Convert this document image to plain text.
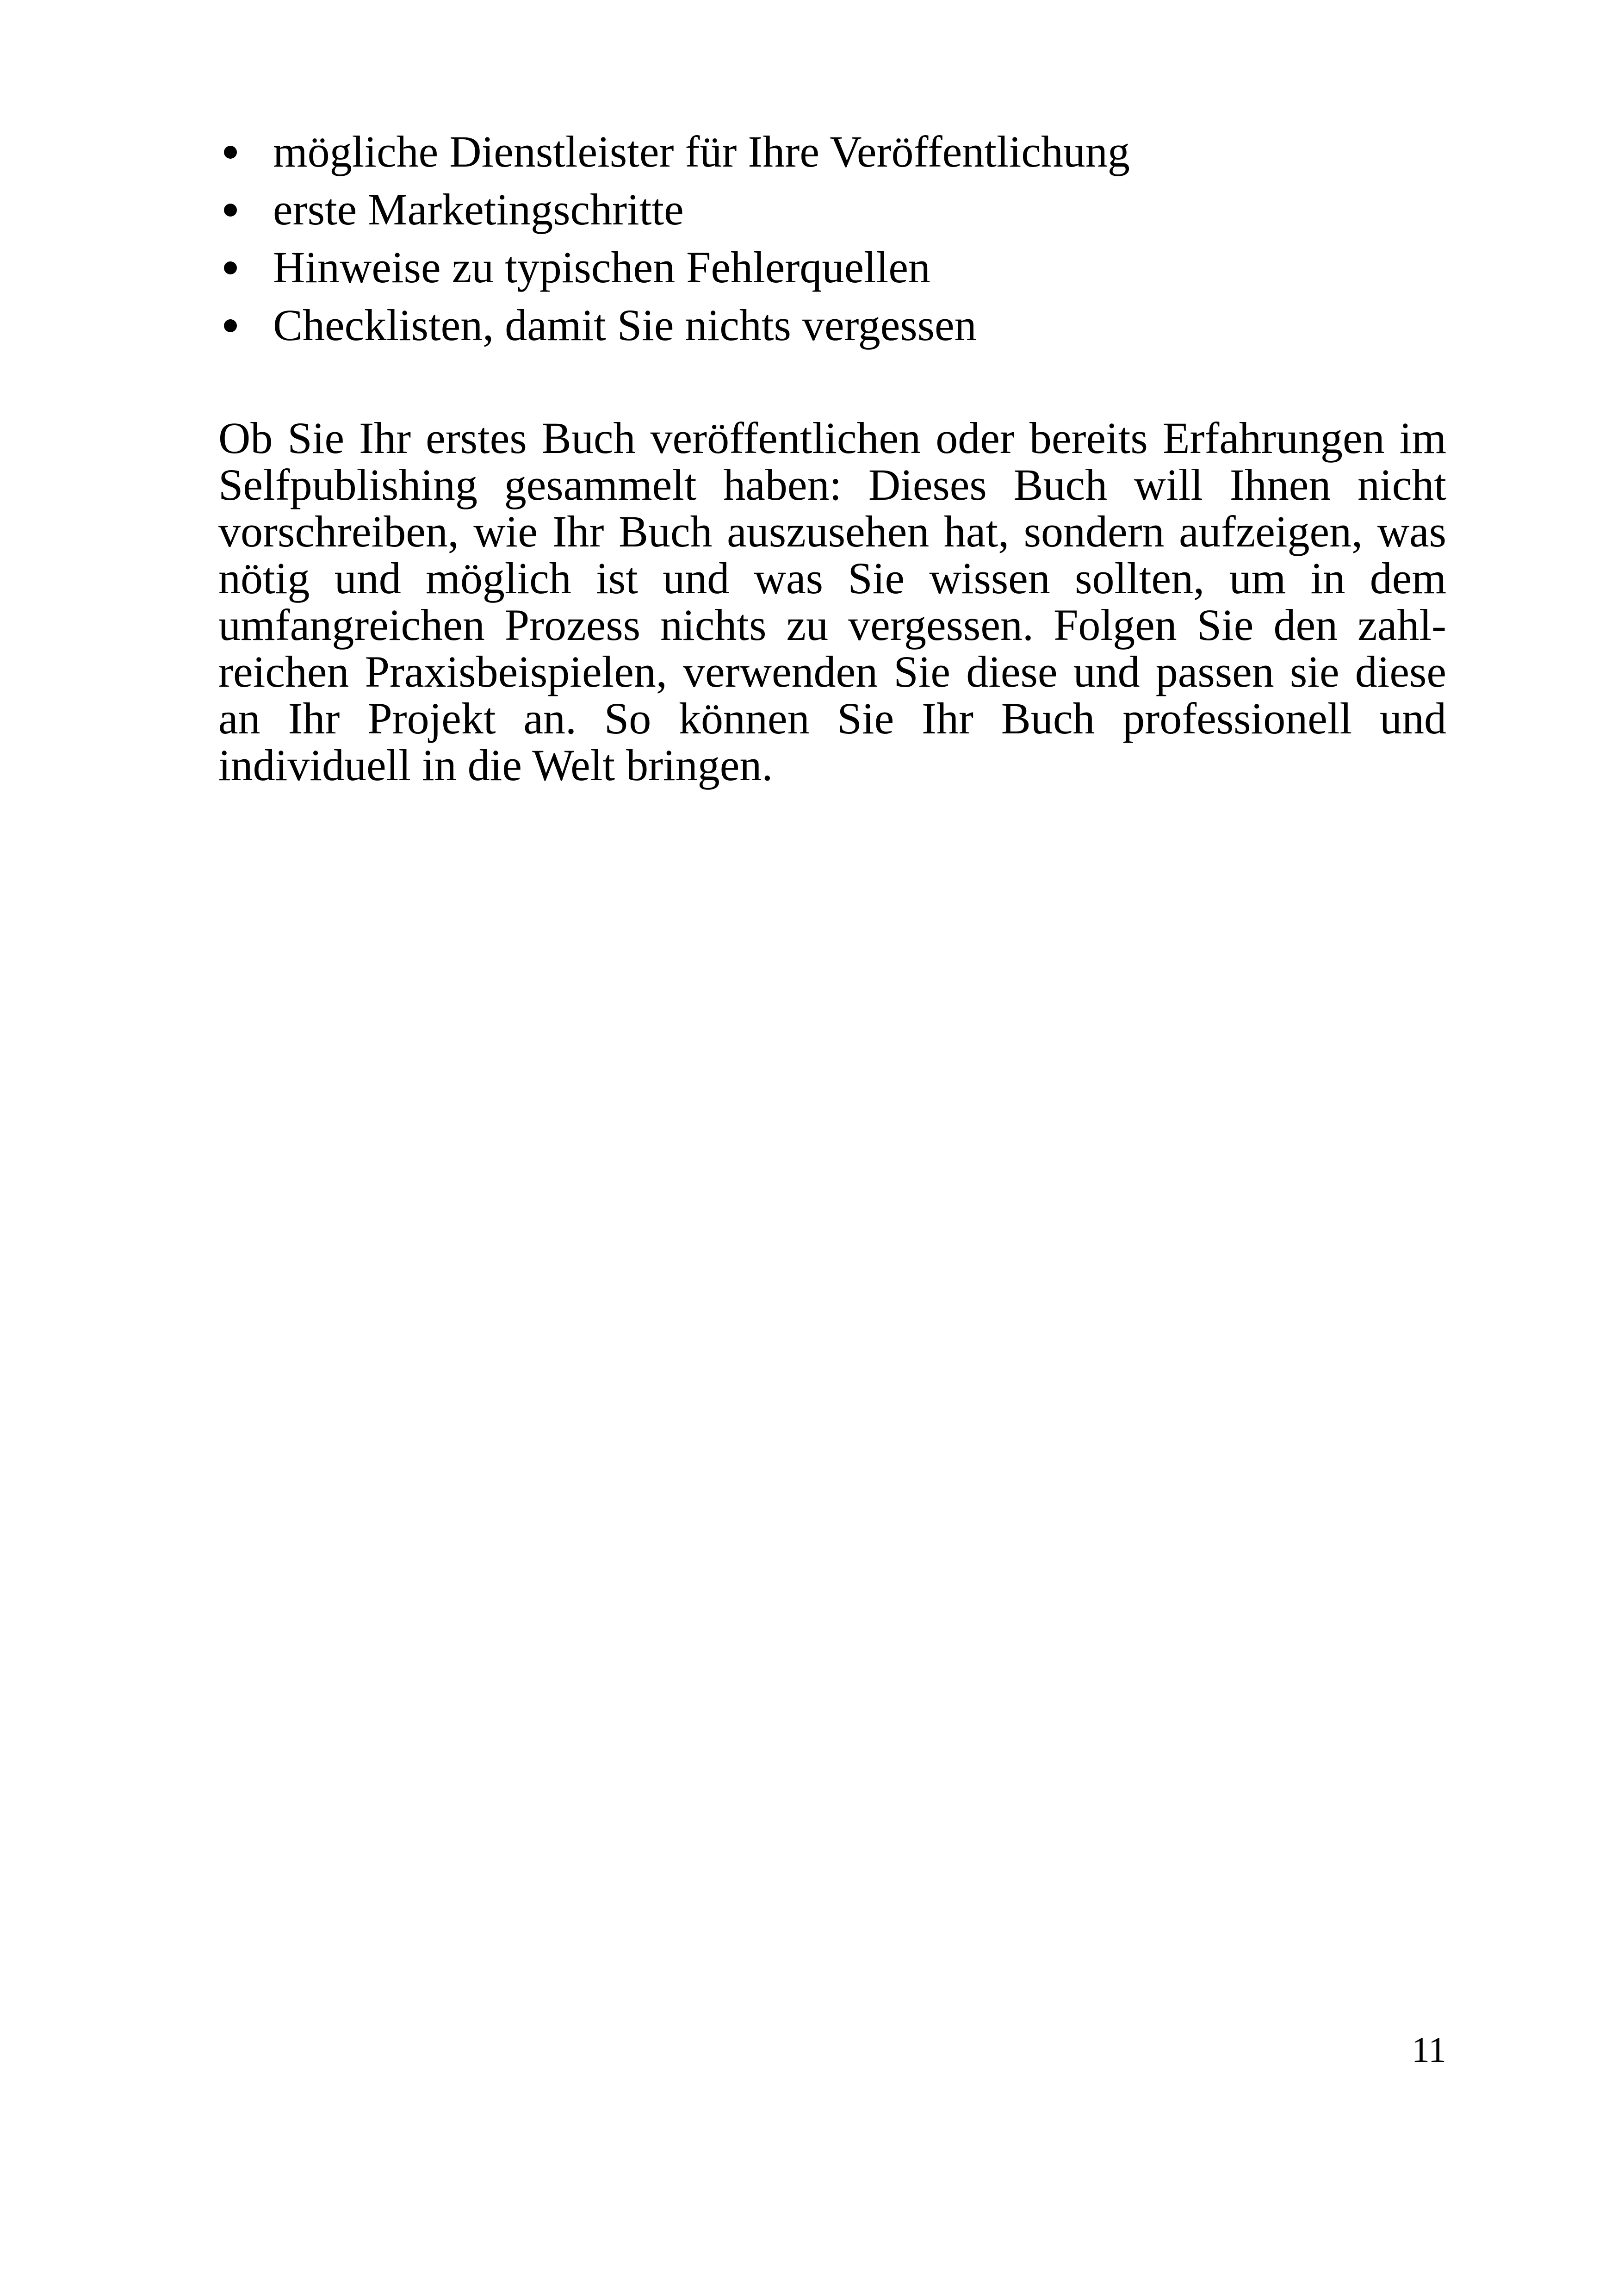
mögliche Dienstleister für Ihre Veröffentlichung
erste Marketingschritte
Hinweise zu typischen Fehlerquellen
Checklisten, damit Sie nichts vergessen

Ob Sie Ihr erstes Buch veröffentlichen oder bereits Erfahrungen im Selfpublishing gesammelt haben: Dieses Buch will Ihnen nicht vorschreiben, wie Ihr Buch auszusehen hat, sondern aufzeigen, was nötig und möglich ist und was Sie wissen sollten, um in dem umfangreichen Prozess nichts zu vergessen. Folgen Sie den zahlreichen Praxisbeispielen, verwenden Sie diese und passen sie diese an Ihr Projekt an. So können Sie Ihr Buch professionell und individuell in die Welt bringen.

11
